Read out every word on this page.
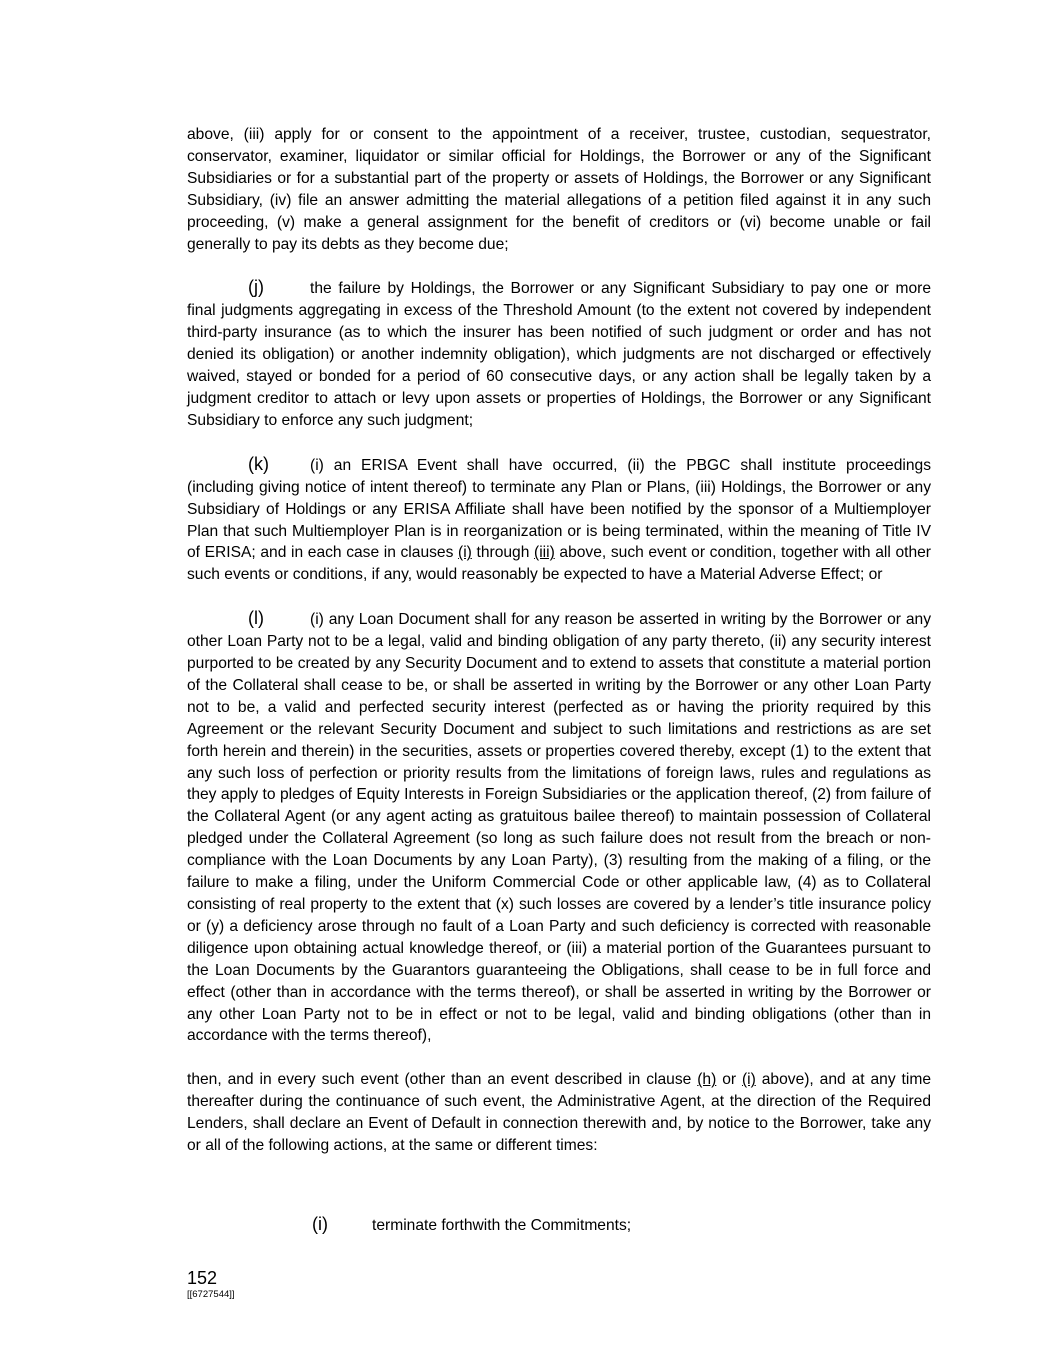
above, (iii) apply for or consent to the appointment of a receiver, trustee, custodian, sequestrator, conservator, examiner, liquidator or similar official for Holdings, the Borrower or any of the Significant Subsidiaries or for a substantial part of the property or assets of Holdings, the Borrower or any Significant Subsidiary, (iv) file an answer admitting the material allegations of a petition filed against it in any such proceeding, (v) make a general assignment for the benefit of creditors or (vi) become unable or fail generally to pay its debts as they become due;

(j)	the failure by Holdings, the Borrower or any Significant Subsidiary to pay one or more final judgments aggregating in excess of the Threshold Amount (to the extent not covered by independent third-party insurance (as to which the insurer has been notified of such judgment or order and has not denied its obligation) or another indemnity obligation), which judgments are not discharged or effectively waived, stayed or bonded for a period of 60 consecutive days, or any action shall be legally taken by a judgment creditor to attach or levy upon assets or properties of Holdings, the Borrower or any Significant Subsidiary to enforce any such judgment;

(k)	(i) an ERISA Event shall have occurred, (ii) the PBGC shall institute proceedings (including giving notice of intent thereof) to terminate any Plan or Plans, (iii) Holdings, the Borrower or any Subsidiary of Holdings or any ERISA Affiliate shall have been notified by the sponsor of a Multiemployer Plan that such Multiemployer Plan is in reorganization or is being terminated, within the meaning of Title IV of ERISA; and in each case in clauses (i) through (iii) above, such event or condition, together with all other such events or conditions, if any, would reasonably be expected to have a Material Adverse Effect; or

(l)	(i) any Loan Document shall for any reason be asserted in writing by the Borrower or any other Loan Party not to be a legal, valid and binding obligation of any party thereto, (ii) any security interest purported to be created by any Security Document and to extend to assets that constitute a material portion of the Collateral shall cease to be, or shall be asserted in writing by the Borrower or any other Loan Party not to be, a valid and perfected security interest (perfected as or having the priority required by this Agreement or the relevant Security Document and subject to such limitations and restrictions as are set forth herein and therein) in the securities, assets or properties covered thereby, except (1) to the extent that any such loss of perfection or priority results from the limitations of foreign laws, rules and regulations as they apply to pledges of Equity Interests in Foreign Subsidiaries or the application thereof, (2) from failure of the Collateral Agent (or any agent acting as gratuitous bailee thereof) to maintain possession of Collateral pledged under the Collateral Agreement (so long as such failure does not result from the breach or non-compliance with the Loan Documents by any Loan Party), (3) resulting from the making of a filing, or the failure to make a filing, under the Uniform Commercial Code or other applicable law, (4) as to Collateral consisting of real property to the extent that (x) such losses are covered by a lender’s title insurance policy or (y) a deficiency arose through no fault of a Loan Party and such deficiency is corrected with reasonable diligence upon obtaining actual knowledge thereof, or (iii) a material portion of the Guarantees pursuant to the Loan Documents by the Guarantors guaranteeing the Obligations, shall cease to be in full force and effect (other than in accordance with the terms thereof), or shall be asserted in writing by the Borrower or any other Loan Party not to be in effect or not to be legal, valid and binding obligations (other than in accordance with the terms thereof),

then, and in every such event (other than an event described in clause (h) or (i) above), and at any time thereafter during the continuance of such event, the Administrative Agent, at the direction of the Required Lenders, shall declare an Event of Default in connection therewith and, by notice to the Borrower, take any or all of the following actions, at the same or different times:

(i)	terminate forthwith the Commitments;
152
[[6727544]]
